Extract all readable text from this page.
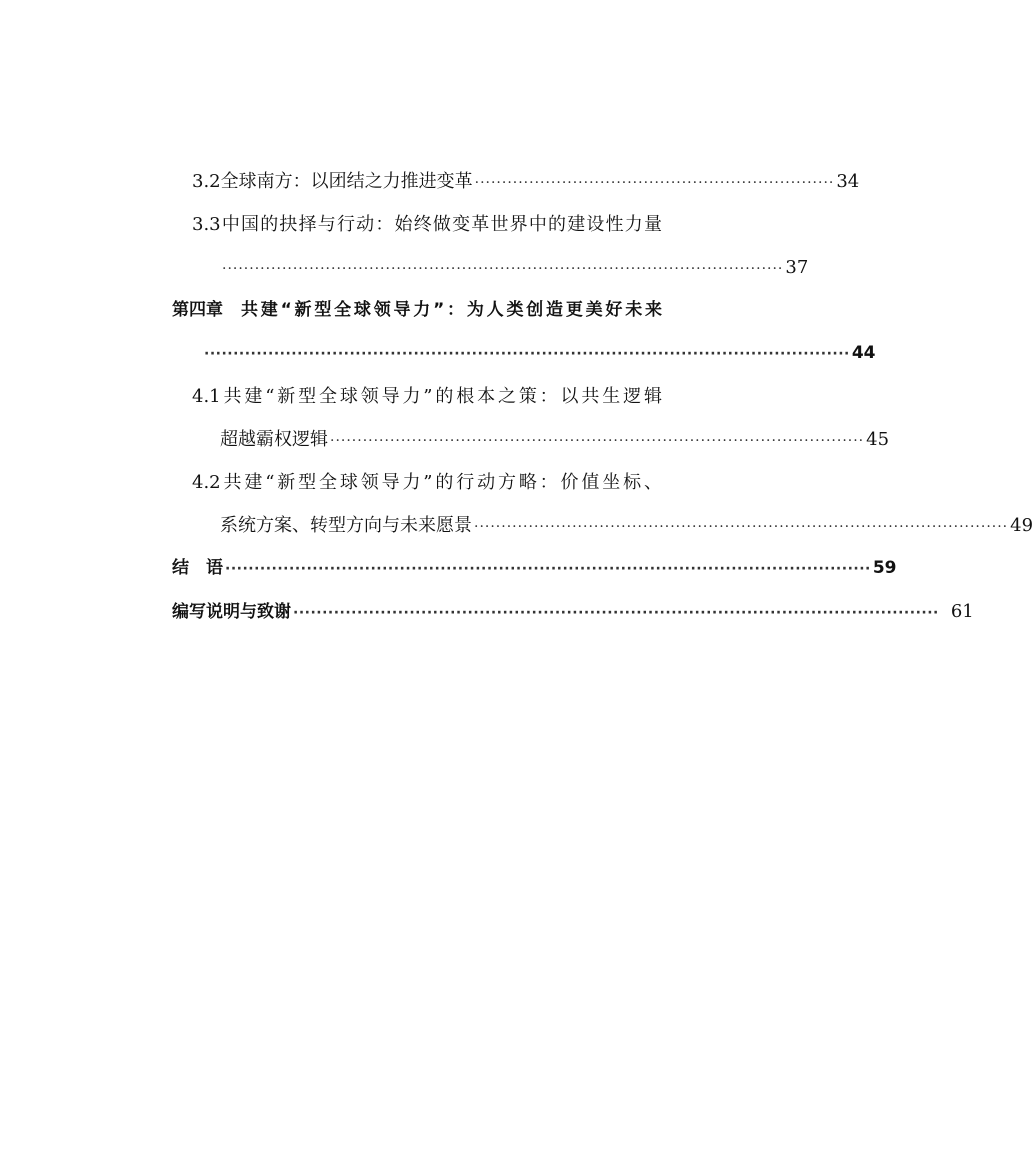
3.2全球南方：以团结之力推进变革 ·································································· 34
3.3中国的抉择与行动：始终做变革世界中的建设性力量
······································································································· 37
第四章 共建“新型全球领导力”：为人类创造更美好未来
··············································································································· 44
4.1共建“新型全球领导力”的根本之策：以共生逻辑
超越霸权逻辑 ·································································································· 45
4.2共建“新型全球领导力”的行动方略：价值坐标、
系统方案、转型方向与未来愿景 ·································································································· 49
结　语 ··············································································································· 59
编写说明与致谢 ··············································································································· 61
